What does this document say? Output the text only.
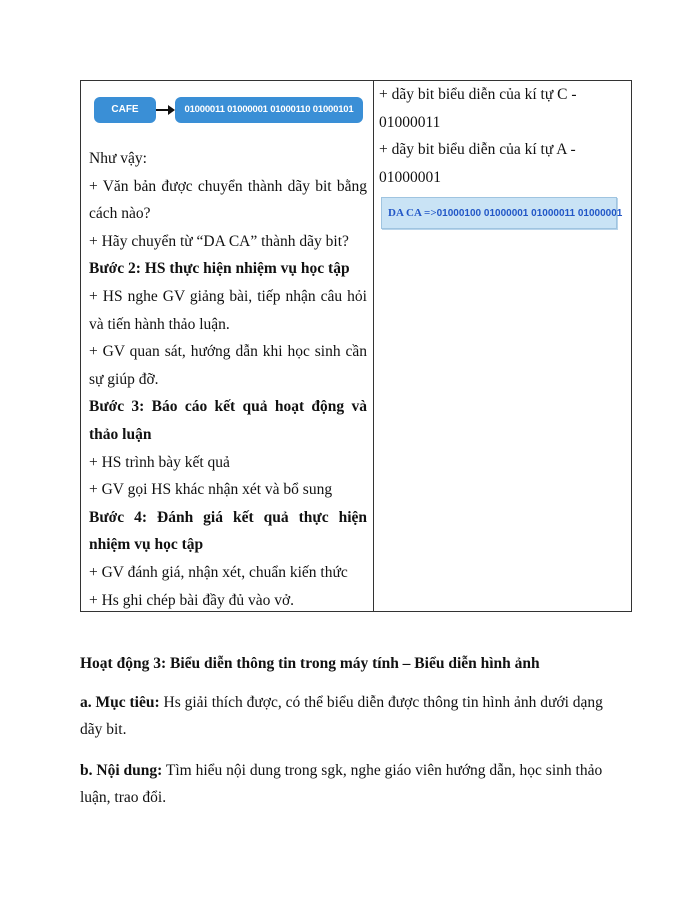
CAFE	01000011 01000001 01000110 01000101
Như vậy:
+ Văn bản được chuyển thành dãy bit bằng
cách nào?
+ Hãy chuyển từ “DA CA” thành dãy bit?
Bước 2: HS thực hiện nhiệm vụ học tập
+ HS nghe GV giảng bài, tiếp nhận câu hỏi
và tiến hành thảo luận.
+ GV quan sát, hướng dẫn khi học sinh cần
sự giúp đỡ.
Bước 3: Báo cáo kết quả hoạt động và
thảo luận
+ HS trình bày kết quả
+ GV gọi HS khác nhận xét và bổ sung
Bước 4: Đánh giá kết quả thực hiện
nhiệm vụ học tập
+ GV đánh giá, nhận xét, chuẩn kiến thức
+ Hs ghi chép bài đầy đủ vào vở.
+ dãy bit biểu diễn của kí tự C -
01000011
+ dãy bit biểu diễn của kí tự A -
01000001
DA CA =>01000100 01000001 01000011 01000001
Hoạt động 3: Biểu diễn thông tin trong máy tính – Biểu diễn hình ảnh
a. Mục tiêu: Hs giải thích được, có thể biểu diễn được thông tin hình ảnh dưới dạng
dãy bit.
b. Nội dung: Tìm hiểu nội dung trong sgk, nghe giáo viên hướng dẫn, học sinh thảo
luận, trao đổi.
